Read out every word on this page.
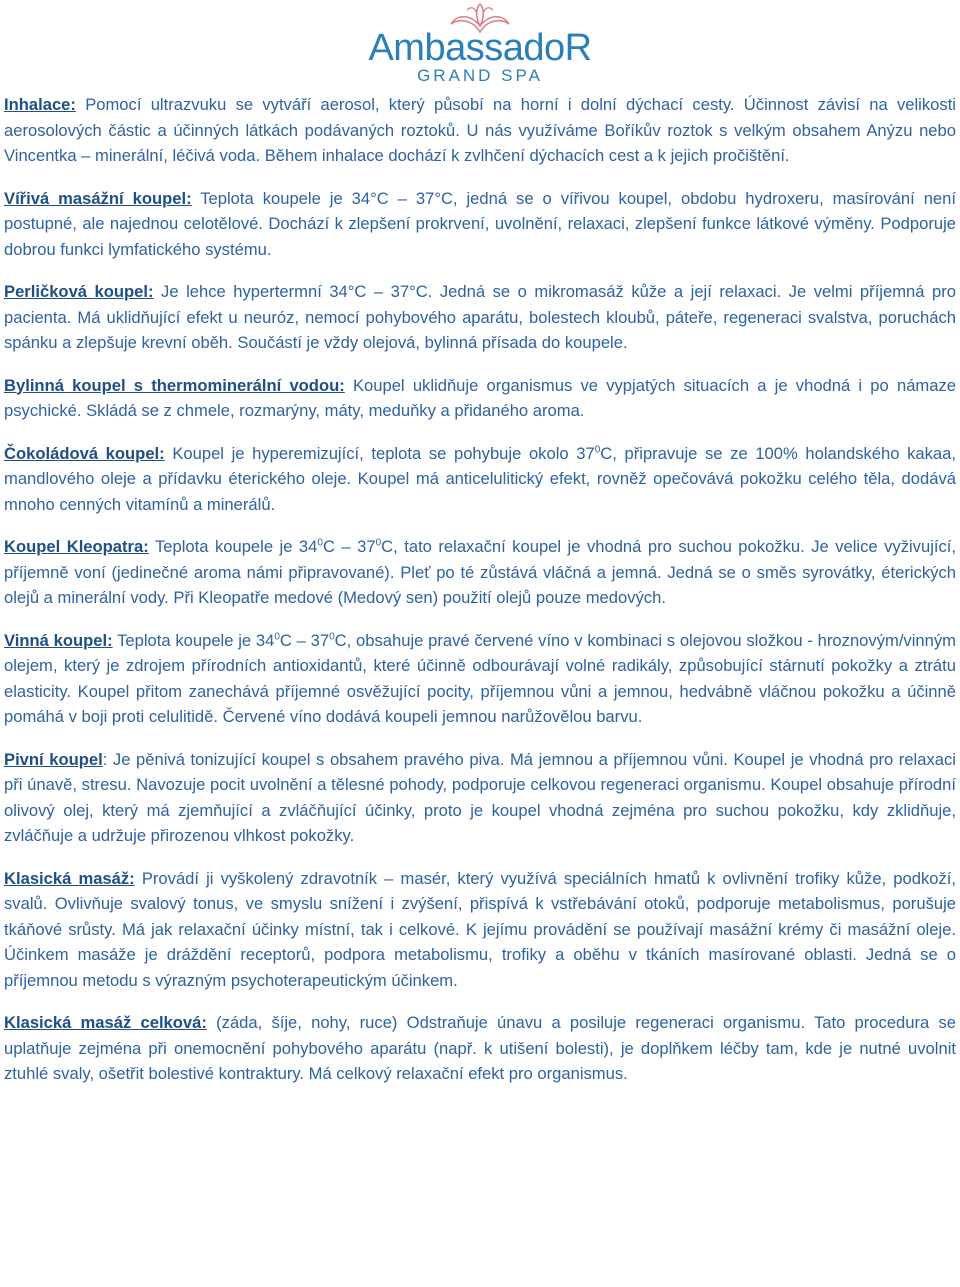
AmbassadoR
GRAND SPA

Inhalace: Pomocí ultrazvuku se vytváří aerosol, který působí na horní i dolní dýchací cesty. Účinnost závisí na velikosti aerosolových částic a účinných látkách podávaných roztoků. U nás využíváme Boříkův roztok s velkým obsahem Anýzu nebo Vincentka – minerální, léčivá voda. Během inhalace dochází k zvlhčení dýchacích cest a k jejich pročištění.

Vířivá masážní koupel: Teplota koupele je 34°C – 37°C, jedná se o vířivou koupel, obdobu hydroxeru, masírování není postupné, ale najednou celotělové. Dochází k zlepšení prokrvení, uvolnění, relaxaci, zlepšení funkce látkové výměny. Podporuje dobrou funkci lymfatického systému.

Perličková koupel: Je lehce hypertermní 34°C – 37°C. Jedná se o mikromasáž kůže a její relaxaci. Je velmi příjemná pro pacienta. Má uklidňující efekt u neuróz, nemocí pohybového aparátu, bolestech kloubů, páteře, regeneraci svalstva, poruchách spánku a zlepšuje krevní oběh. Součástí je vždy olejová, bylinná přísada do koupele.

Bylinná koupel s thermominerální vodou: Koupel uklidňuje organismus ve vypjatých situacích a je vhodná i po námaze psychické. Skládá se z chmele, rozmarýny, máty, meduňky a přidaného aroma.

Čokoládová koupel: Koupel je hyperemizující, teplota se pohybuje okolo $37^0C$, připravuje se ze 100% holandského kakaa, mandlového oleje a přídavku éterického oleje. Koupel má anticelulitický efekt, rovněž opečovává pokožku celého těla, dodává mnoho cenných vitamínů a minerálů.

Koupel Kleopatra: Teplota koupele je $34^0C - 37^0C$, tato relaxační koupel je vhodná pro suchou pokožku. Je velice vyživující, příjemně voní (jedinečné aroma námi připravované). Pleť po té zůstává vláčná a jemná. Jedná se o směs syrovátky, éterických olejů a minerální vody. Při Kleopatře medové (Medový sen) použití olejů pouze medových.

Vinná koupel: Teplota koupele je $34^0C - 37^0C$, obsahuje pravé červené víno v kombinaci s olejovou složkou - hroznovým/vinným olejem, který je zdrojem přírodních antioxidantů, které účinně odbourávají volné radikály, způsobující stárnutí pokožky a ztrátu elasticity. Koupel přitom zanechává příjemné osvěžující pocity, příjemnou vůni a jemnou, hedvábně vláčnou pokožku a účinně pomáhá v boji proti celulitidě. Červené víno dodává koupeli jemnou narůžovělou barvu.

Pivní koupel: Je pěnivá tonizující koupel s obsahem pravého piva. Má jemnou a příjemnou vůni. Koupel je vhodná pro relaxaci při únavě, stresu. Navozuje pocit uvolnění a tělesné pohody, podporuje celkovou regeneraci organismu. Koupel obsahuje přírodní olivový olej, který má zjemňující a zvláčňující účinky, proto je koupel vhodná zejména pro suchou pokožku, kdy zklidňuje, zvláčňuje a udržuje přirozenou vlhkost pokožky.

Klasická masáž: Provádí ji vyškolený zdravotník – masér, který využívá speciálních hmatů k ovlivnění trofiky kůže, podkoží, svalů. Ovlivňuje svalový tonus, ve smyslu snížení i zvýšení, přispívá k vstřebávání otoků, podporuje metabolismus, porušuje tkáňové srůsty. Má jak relaxační účinky místní, tak i celkové. K jejímu provádění se používají masážní krémy či masážní oleje. Účinkem masáže je dráždění receptorů, podpora metabolismu, trofiky a oběhu v tkáních masírované oblasti. Jedná se o příjemnou metodu s výrazným psychoterapeutickým účinkem.

Klasická masáž celková: (záda, šíje, nohy, ruce) Odstraňuje únavu a posiluje regeneraci organismu. Tato procedura se uplatňuje zejména při onemocnění pohybového aparátu (např. k utišení bolesti), je doplňkem léčby tam, kde je nutné uvolnit ztuhlé svaly, ošetřit bolestivé kontraktury. Má celkový relaxační efekt pro organismus.
